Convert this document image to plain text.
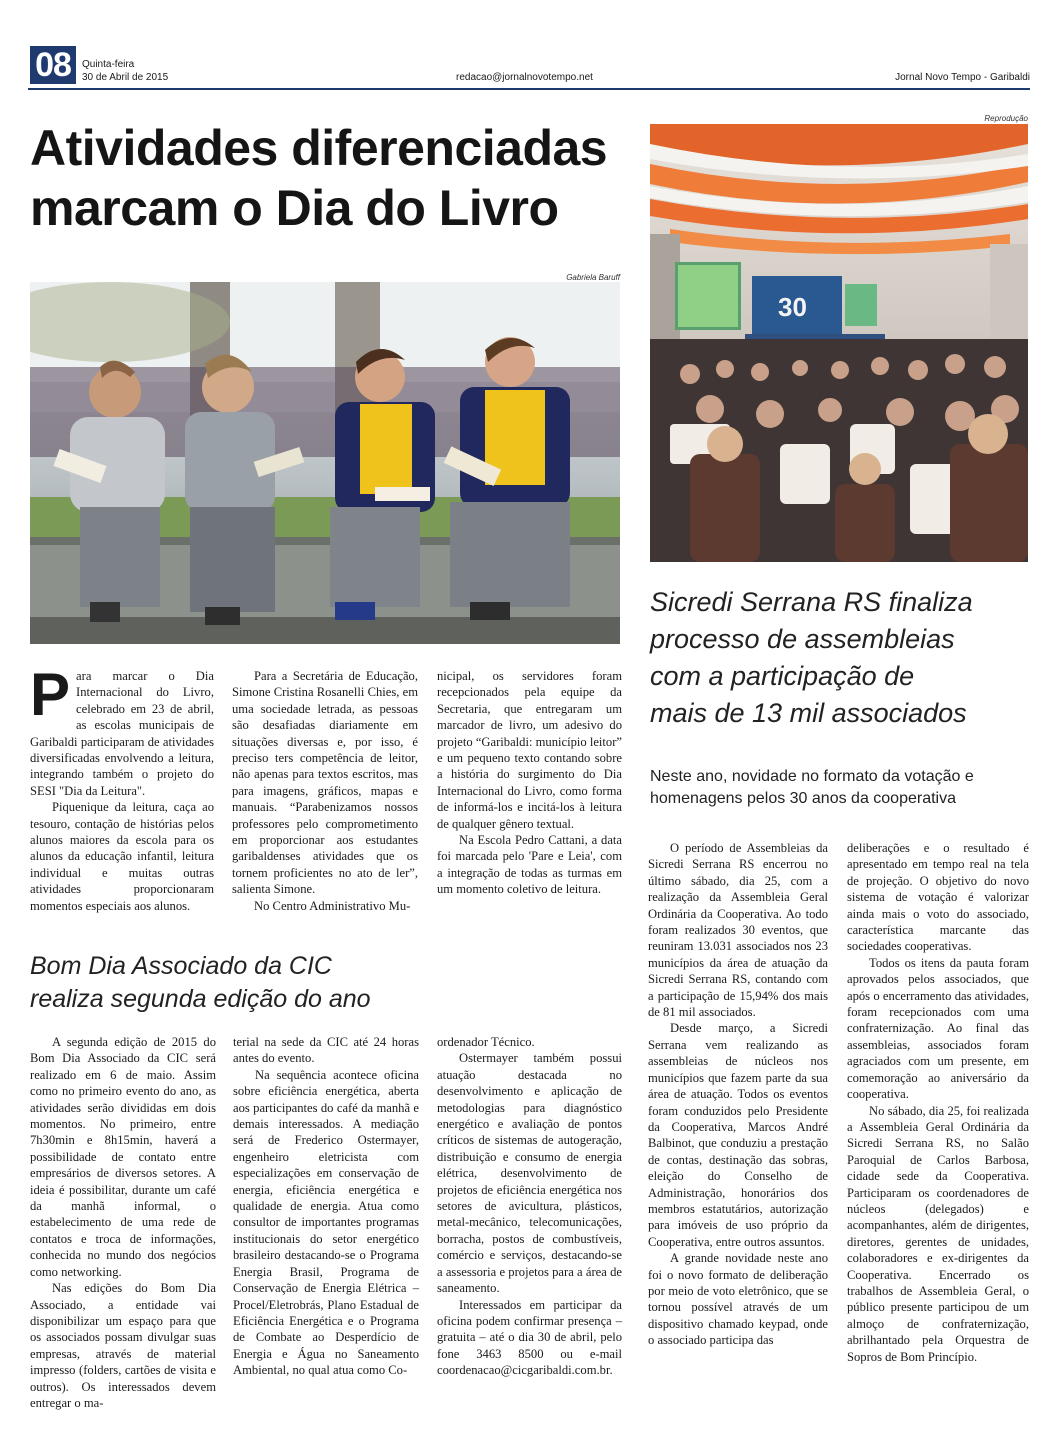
08	Quinta-feira
30 de Abril de 2015	redacao@jornalnovotempo.net	Jornal Novo Tempo - Garibaldi
Atividades diferenciadas
marcam o Dia do Livro
Gabriela Baruff
P ara marcar o Dia Internacional do Livro, celebrado em 23 de abril, as escolas municipais de Garibaldi participaram de atividades diversificadas envolvendo a leitura, integrando também o projeto do SESI "Dia da Leitura".

Piquenique da leitura, caça ao tesouro, contação de histórias pelos alunos maiores da escola para os alunos da educação infantil, leitura individual e muitas outras atividades proporcionaram momentos especiais aos alunos.

Para a Secretária de Educação, Simone Cristina Rosanelli Chies, em uma sociedade letrada, as pessoas são desafiadas diariamente em situações diversas e, por isso, é preciso ters competência de leitor, não apenas para textos escritos, mas para imagens, gráficos, mapas e manuais. “Parabenizamos nossos professores pelo comprometimento em proporcionar aos estudantes garibaldenses atividades que os tornem proficientes no ato de ler”, salienta Simone.

No Centro Administrativo Mu-

nicipal, os servidores foram recepcionados pela equipe da Secretaria, que entregaram um marcador de livro, um adesivo do projeto “Garibaldi: município leitor” e um pequeno texto contando sobre a história do surgimento do Dia Internacional do Livro, como forma de informá-los e incitá-los à leitura de qualquer gênero textual.

Na Escola Pedro Cattani, a data foi marcada pelo 'Pare e Leia', com a integração de todas as turmas em um momento coletivo de leitura.

Bom Dia Associado da CIC
realiza segunda edição do ano

A segunda edição de 2015 do Bom Dia Associado da CIC será realizado em 6 de maio. Assim como no primeiro evento do ano, as atividades serão divididas em dois momentos. No primeiro, entre 7h30min e 8h15min, haverá a possibilidade de contato entre empresários de diversos setores. A ideia é possibilitar, durante um café da manhã informal, o estabelecimento de uma rede de contatos e troca de informações, conhecida no mundo dos negócios como networking.

Nas edições do Bom Dia Associado, a entidade vai disponibilizar um espaço para que os associados possam divulgar suas empresas, através de material impresso (folders, cartões de visita e outros). Os interessados devem entregar o ma-

terial na sede da CIC até 24 horas antes do evento.

Na sequência acontece oficina sobre eficiência energética, aberta aos participantes do café da manhã e demais interessados. A mediação será de Frederico Ostermayer, engenheiro eletricista com especializações em conservação de energia, eficiência energética e qualidade de energia. Atua como consultor de importantes programas institucionais do setor energético brasileiro destacando-se o Programa Energia Brasil, Programa de Conservação de Energia Elétrica – Procel/Eletrobrás, Plano Estadual de Eficiência Energética e o Programa de Combate ao Desperdício de Energia e Água no Saneamento Ambiental, no qual atua como Co-

ordenador Técnico.

Ostermayer também possui atuação destacada no desenvolvimento e aplicação de metodologias para diagnóstico energético e avaliação de pontos críticos de sistemas de autogeração, distribuição e consumo de energia elétrica, desenvolvimento de projetos de eficiência energética nos setores de avicultura, plásticos, metal-mecânico, telecomunicações, borracha, postos de combustíveis, comércio e serviços, destacando-se a assessoria e projetos para a área de saneamento.

Interessados em participar da oficina podem confirmar presença – gratuita – até o dia 30 de abril, pelo fone 3463 8500 ou e-mail coordenacao@cicgaribaldi.com.br.

Reprodução
30
Sicredi Serrana RS finaliza
processo de assembleias
com a participação de
mais de 13 mil associados
Neste ano, novidade no formato da votação e
homenagens pelos 30 anos da cooperativa

O período de Assembleias da Sicredi Serrana RS encerrou no último sábado, dia 25, com a realização da Assembleia Geral Ordinária da Cooperativa. Ao todo foram realizados 30 eventos, que reuniram 13.031 associados nos 23 municípios da área de atuação da Sicredi Serrana RS, contando com a participação de 15,94% dos mais de 81 mil associados.

Desde março, a Sicredi Serrana vem realizando as assembleias de núcleos nos municípios que fazem parte da sua área de atuação. Todos os eventos foram conduzidos pelo Presidente da Cooperativa, Marcos André Balbinot, que conduziu a prestação de contas, destinação das sobras, eleição do Conselho de Administração, honorários dos membros estatutários, autorização para imóveis de uso próprio da Cooperativa, entre outros assuntos.

A grande novidade neste ano foi o novo formato de deliberação por meio de voto eletrônico, que se tornou possível através de um dispositivo chamado keypad, onde o associado participa das

deliberações e o resultado é apresentado em tempo real na tela de projeção. O objetivo do novo sistema de votação é valorizar ainda mais o voto do associado, característica marcante das sociedades cooperativas.

Todos os itens da pauta foram aprovados pelos associados, que após o encerramento das atividades, foram recepcionados com uma confraternização. Ao final das assembleias, associados foram agraciados com um presente, em comemoração ao aniversário da cooperativa.

No sábado, dia 25, foi realizada a Assembleia Geral Ordinária da Sicredi Serrana RS, no Salão Paroquial de Carlos Barbosa, cidade sede da Cooperativa. Participaram os coordenadores de núcleos (delegados) e acompanhantes, além de dirigentes, diretores, gerentes de unidades, colaboradores e ex-dirigentes da Cooperativa. Encerrado os trabalhos de Assembleia Geral, o público presente participou de um almoço de confraternização, abrilhantado pela Orquestra de Sopros de Bom Princípio.
